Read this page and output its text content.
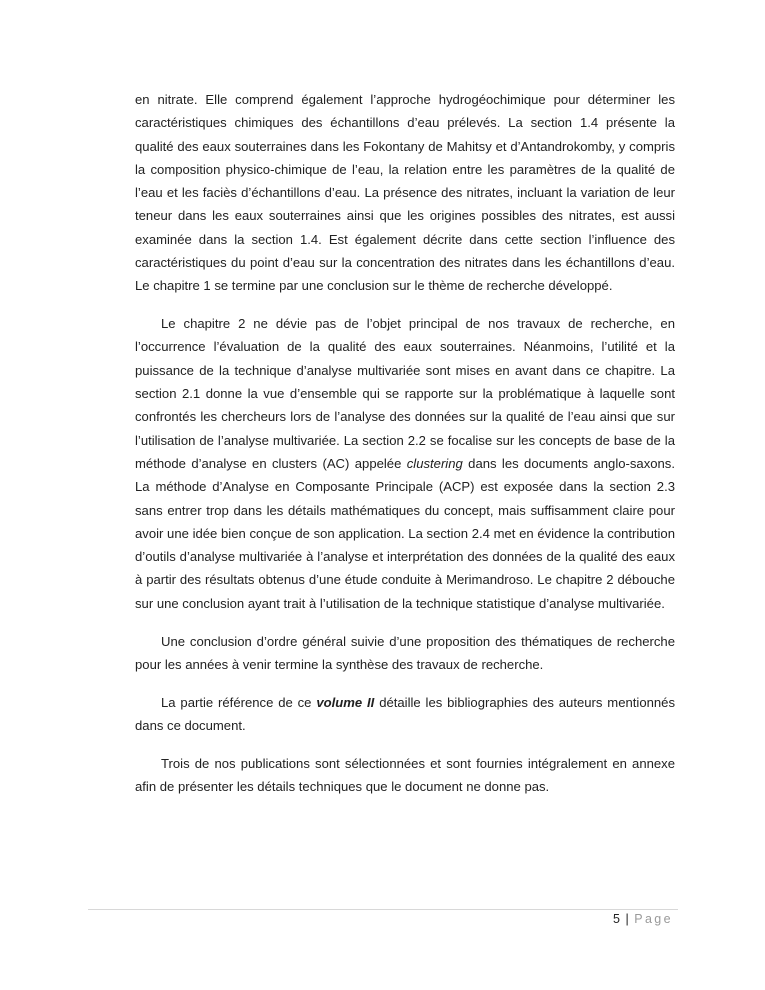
en nitrate. Elle comprend également l’approche hydrogéochimique pour déterminer les caractéristiques chimiques des échantillons d’eau prélevés. La section 1.4 présente la qualité des eaux souterraines dans les Fokontany de Mahitsy et d’Antandrokomby, y compris la composition physico-chimique de l’eau, la relation entre les paramètres de la qualité de l’eau et les faciès d’échantillons d’eau. La présence des nitrates, incluant la variation de leur teneur dans les eaux souterraines ainsi que les origines possibles des nitrates, est aussi examinée dans la section 1.4. Est également décrite dans cette section l’influence des caractéristiques du point d’eau sur la concentration des nitrates dans les échantillons d’eau. Le chapitre 1 se termine par une conclusion sur le thème de recherche développé.

Le chapitre 2 ne dévie pas de l’objet principal de nos travaux de recherche, en l’occurrence l’évaluation de la qualité des eaux souterraines. Néanmoins, l’utilité et la puissance de la technique d’analyse multivariée sont mises en avant dans ce chapitre. La section 2.1 donne la vue d’ensemble qui se rapporte sur la problématique à laquelle sont confrontés les chercheurs lors de l’analyse des données sur la qualité de l’eau ainsi que sur l’utilisation de l’analyse multivariée. La section 2.2 se focalise sur les concepts de base de la méthode d’analyse en clusters (AC) appelée clustering dans les documents anglo-saxons. La méthode d’Analyse en Composante Principale (ACP) est exposée dans la section 2.3 sans entrer trop dans les détails mathématiques du concept, mais suffisamment claire pour avoir une idée bien conçue de son application. La section 2.4 met en évidence la contribution d’outils d’analyse multivariée à l’analyse et interprétation des données de la qualité des eaux à partir des résultats obtenus d’une étude conduite à Merimandroso. Le chapitre 2 débouche sur une conclusion ayant trait à l’utilisation de la technique statistique d’analyse multivariée.

Une conclusion d’ordre général suivie d’une proposition des thématiques de recherche pour les années à venir termine la synthèse des travaux de recherche.

La partie référence de ce volume II détaille les bibliographies des auteurs mentionnés dans ce document.

Trois de nos publications sont sélectionnées et sont fournies intégralement en annexe afin de présenter les détails techniques que le document ne donne pas.

5 | Page
